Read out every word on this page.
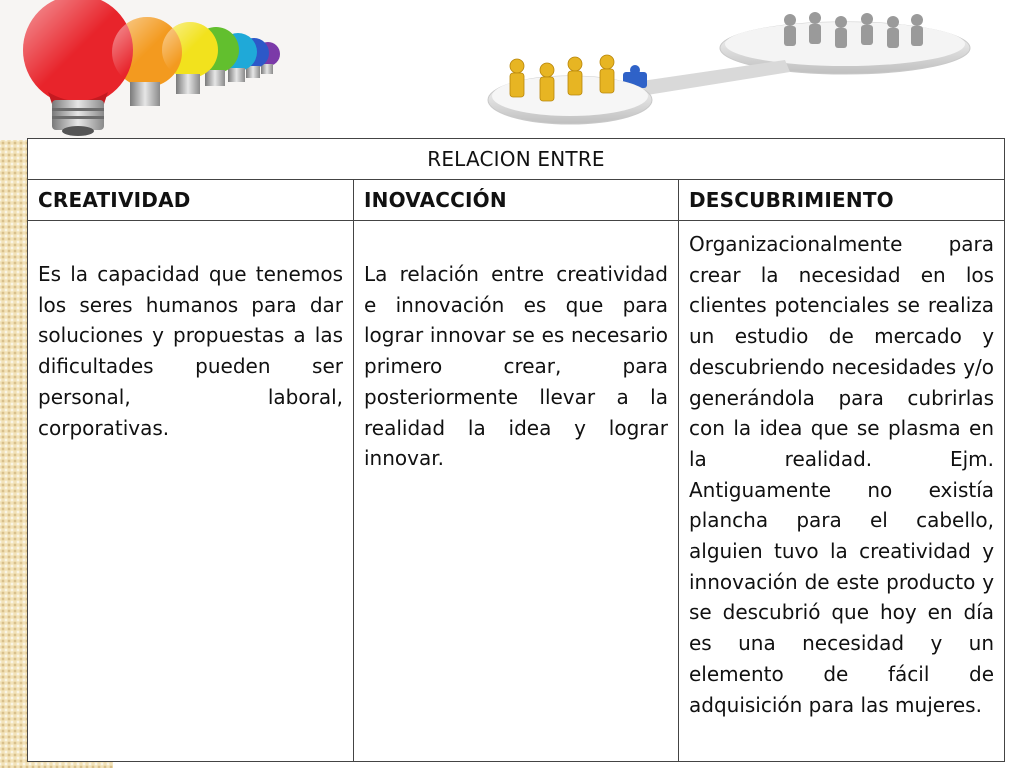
RELACION ENTRE		
CREATIVIDAD	INOVACCIÓN	DESCUBRIMIENTO
Es la capacidad que tenemos los seres humanos para dar soluciones y propuestas a las dificultades pueden ser personal, laboral, corporativas.	La relación entre creatividad e innovación es que para lograr innovar se es necesario primero crear, para posteriormente llevar a la realidad la idea y lograr innovar.	Organizacionalmente para crear la necesidad en los clientes potenciales se realiza un estudio de mercado y descubriendo necesidades y/o generándola para cubrirlas con la idea que se plasma en la realidad. Ejm. Antiguamente no existía plancha para el cabello, alguien tuvo la creatividad y innovación de este producto y se descubrió que hoy en día es una necesidad y un elemento de fácil de adquisición para las mujeres.
